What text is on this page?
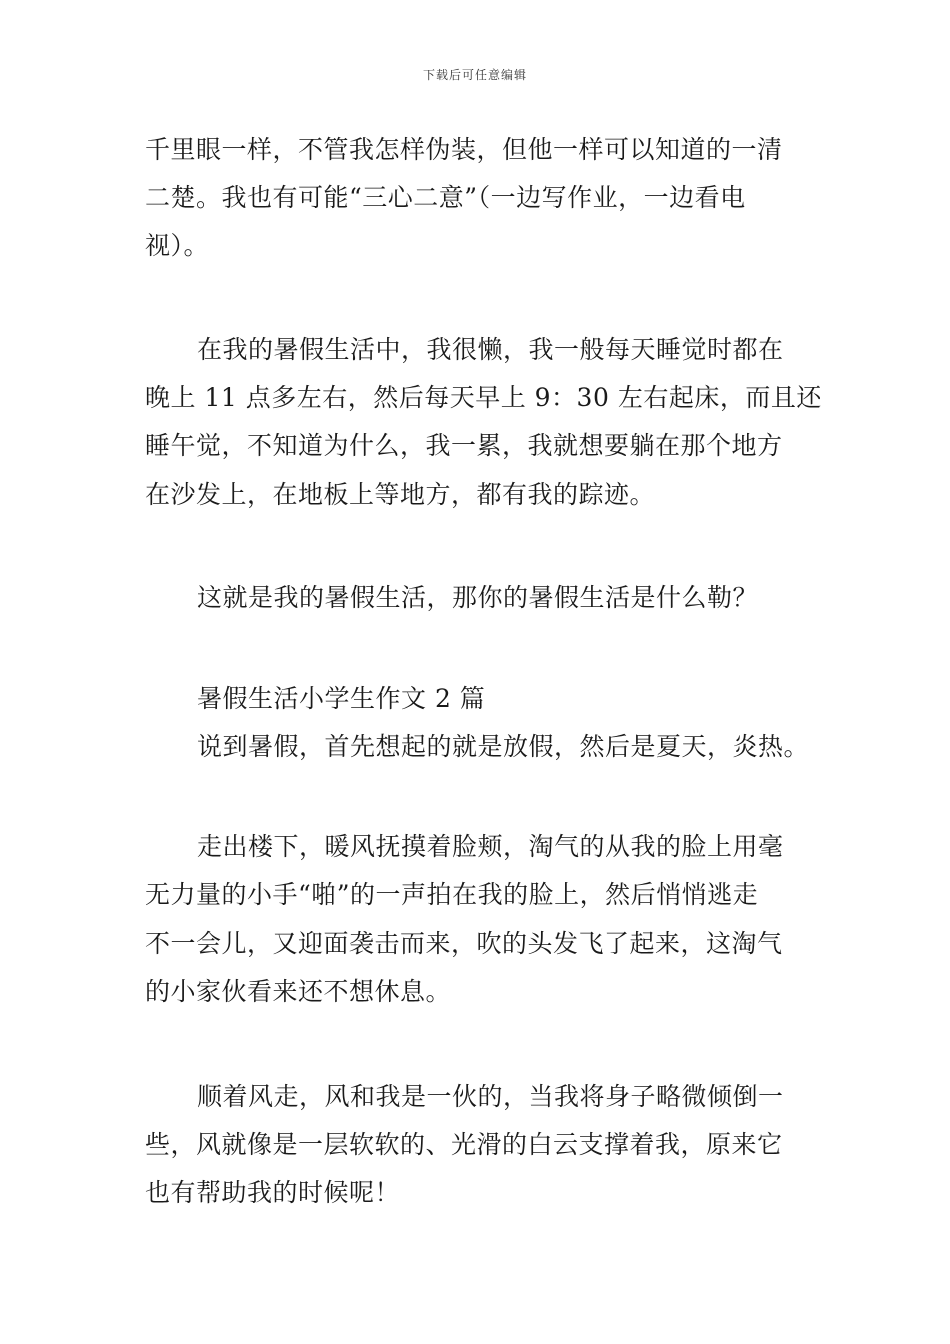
下载后可任意编辑
千里眼一样，不管我怎样伪装，但他一样可以知道的一清
二楚。我也有可能“三心二意”（一边写作业，一边看电
视）。
在我的暑假生活中，我很懒，我一般每天睡觉时都在
晚上 11 点多左右，然后每天早上 9：30 左右起床，而且还
睡午觉，不知道为什么，我一累，我就想要躺在那个地方
在沙发上，在地板上等地方，都有我的踪迹。
这就是我的暑假生活，那你的暑假生活是什么勒？
暑假生活小学生作文 2 篇
说到暑假，首先想起的就是放假，然后是夏天，炎热。
走出楼下，暖风抚摸着脸颊，淘气的从我的脸上用毫
无力量的小手“啪”的一声拍在我的脸上，然后悄悄逃走
不一会儿，又迎面袭击而来，吹的头发飞了起来，这淘气
的小家伙看来还不想休息。
顺着风走，风和我是一伙的，当我将身子略微倾倒一
些，风就像是一层软软的、光滑的白云支撑着我，原来它
也有帮助我的时候呢！
